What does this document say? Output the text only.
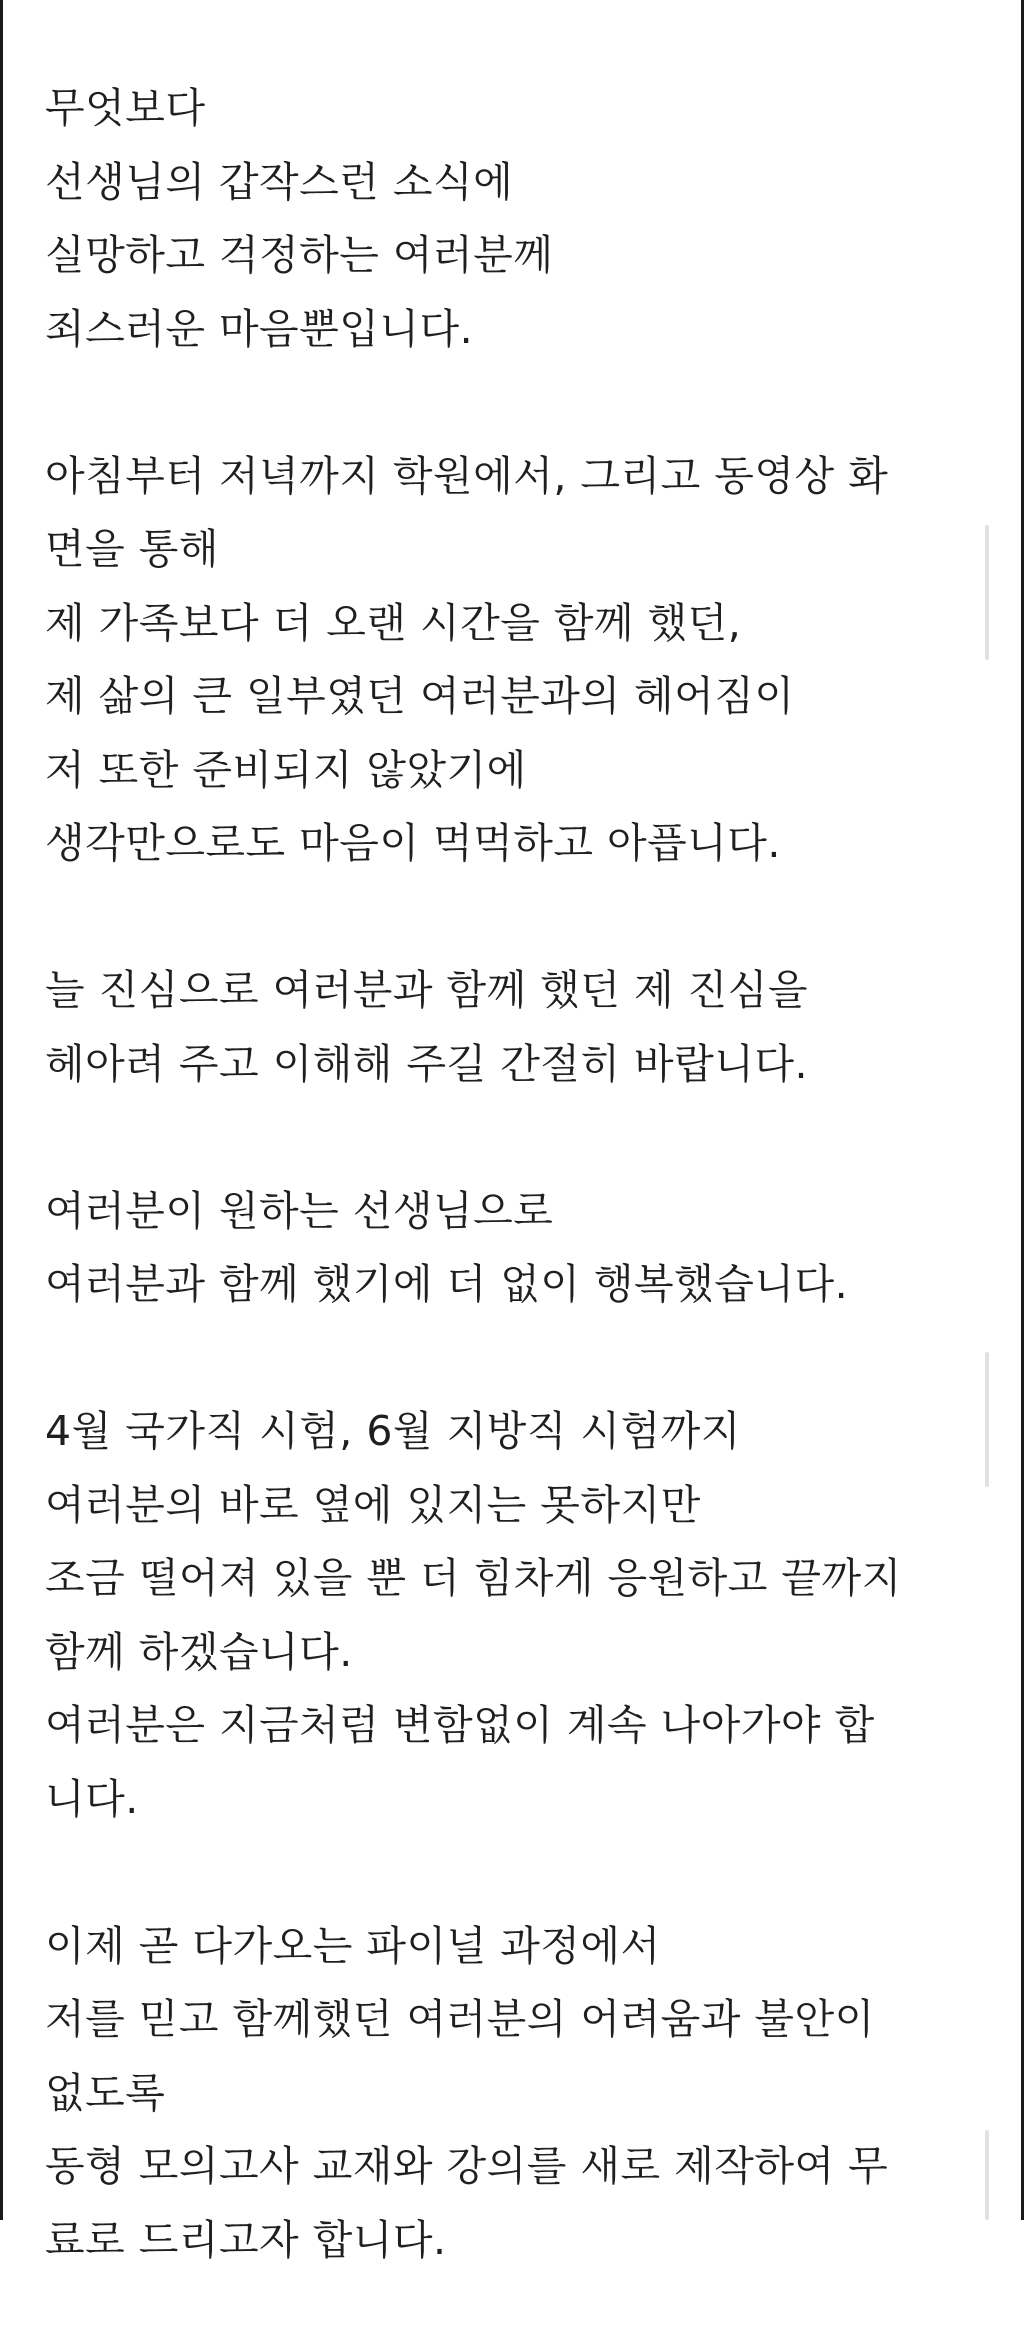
무엇보다
선생님의 갑작스런 소식에
실망하고 걱정하는 여러분께
죄스러운 마음뿐입니다.
아침부터 저녁까지 학원에서, 그리고 동영상 화
면을 통해
제 가족보다 더 오랜 시간을 함께 했던,
제 삶의 큰 일부였던 여러분과의 헤어짐이
저 또한 준비되지 않았기에
생각만으로도 마음이 먹먹하고 아픕니다.
늘 진심으로 여러분과 함께 했던 제 진심을
헤아려 주고 이해해 주길 간절히 바랍니다.
여러분이 원하는 선생님으로
여러분과 함께 했기에 더 없이 행복했습니다.
4월 국가직 시험, 6월 지방직 시험까지
여러분의 바로 옆에 있지는 못하지만
조금 떨어져 있을 뿐 더 힘차게 응원하고 끝까지
함께 하겠습니다.
여러분은 지금처럼 변함없이 계속 나아가야 합
니다.
이제 곧 다가오는 파이널 과정에서
저를 믿고 함께했던 여러분의 어려움과 불안이
없도록
동형 모의고사 교재와 강의를 새로 제작하여 무
료로 드리고자 합니다.
